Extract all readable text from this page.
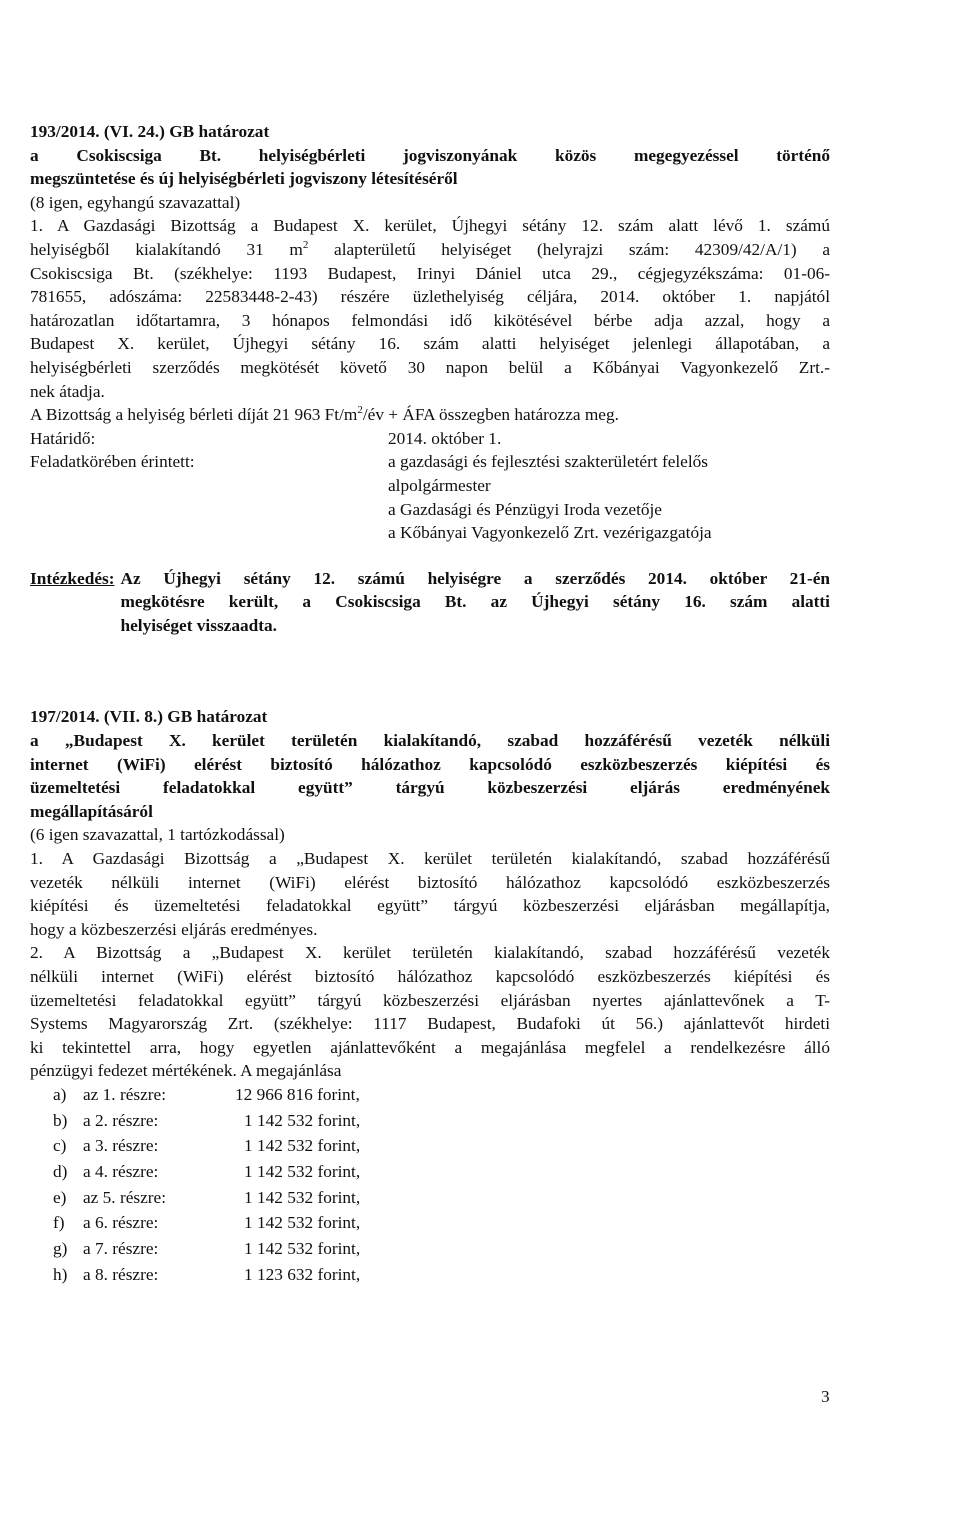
193/2014. (VI. 24.) GB határozat

a Csokiscsiga Bt. helyiségbérleti jogviszonyának közös megegyezéssel történő

megszüntetése és új helyiségbérleti jogviszony létesítéséről

(8 igen, egyhangú szavazattal)

1. A Gazdasági Bizottság a Budapest X. kerület, Újhegyi sétány 12. szám alatt lévő 1. számú

helyiségből kialakítandó 31 $m^2$ alapterületű helyiséget (helyrajzi szám: 42309/42/A/1) a

Csokiscsiga Bt. (székhelye: 1193 Budapest, Irinyi Dániel utca 29., cégjegyzékszáma: 01-06-

781655, adószáma: 22583448-2-43) részére üzlethelyiség céljára, 2014. október 1. napjától

határozatlan időtartamra, 3 hónapos felmondási idő kikötésével bérbe adja azzal, hogy a

Budapest X. kerület, Újhegyi sétány 16. szám alatti helyiséget jelenlegi állapotában, a

helyiségbérleti szerződés megkötését követő 30 napon belül a Kőbányai Vagyonkezelő Zrt.-

nek átadja.

A Bizottság a helyiség bérleti díját 21 963 $Ft/m^2/év$ + ÁFA összegben határozza meg.

Határidő:	2014. október 1.
Feladatkörében érintett:	a gazdasági és fejlesztési szakterületért felelős
alpolgármester
a Gazdasági és Pénzügyi Iroda vezetője
a Kőbányai Vagyonkezelő Zrt. vezérigazgatója
Intézkedés: Az Újhegyi sétány 12. számú helyiségre a szerződés 2014. október 21-én

megkötésre került, a Csokiscsiga Bt. az Újhegyi sétány 16. szám alatti

helyiséget visszaadta.

197/2014. (VII. 8.) GB határozat

a „Budapest X. kerület területén kialakítandó, szabad hozzáférésű vezeték nélküli

internet (WiFi) elérést biztosító hálózathoz kapcsolódó eszközbeszerzés kiépítési és

üzemeltetési feladatokkal együtt” tárgyú közbeszerzési eljárás eredményének

megállapításáról

(6 igen szavazattal, 1 tartózkodással)

1. A Gazdasági Bizottság a „Budapest X. kerület területén kialakítandó, szabad hozzáférésű

vezeték nélküli internet (WiFi) elérést biztosító hálózathoz kapcsolódó eszközbeszerzés

kiépítési és üzemeltetési feladatokkal együtt” tárgyú közbeszerzési eljárásban megállapítja,

hogy a közbeszerzési eljárás eredményes.

2. A Bizottság a „Budapest X. kerület területén kialakítandó, szabad hozzáférésű vezeték

nélküli internet (WiFi) elérést biztosító hálózathoz kapcsolódó eszközbeszerzés kiépítési és

üzemeltetési feladatokkal együtt” tárgyú közbeszerzési eljárásban nyertes ajánlattevőnek a T-

Systems Magyarország Zrt. (székhelye: 1117 Budapest, Budafoki út 56.) ajánlattevőt hirdeti

ki tekintettel arra, hogy egyetlen ajánlattevőként a megajánlása megfelel a rendelkezésre álló

pénzügyi fedezet mértékének. A megajánlása

a) az 1. részre:	12 966 816 forint,
b) a 2. részre:	1 142 532 forint,
c) a 3. részre:	1 142 532 forint,
d) a 4. részre:	1 142 532 forint,
e) az 5. részre:	1 142 532 forint,
f) a 6. részre:	1 142 532 forint,
g) a 7. részre:	1 142 532 forint,
h) a 8. részre:	1 123 632 forint,
3
